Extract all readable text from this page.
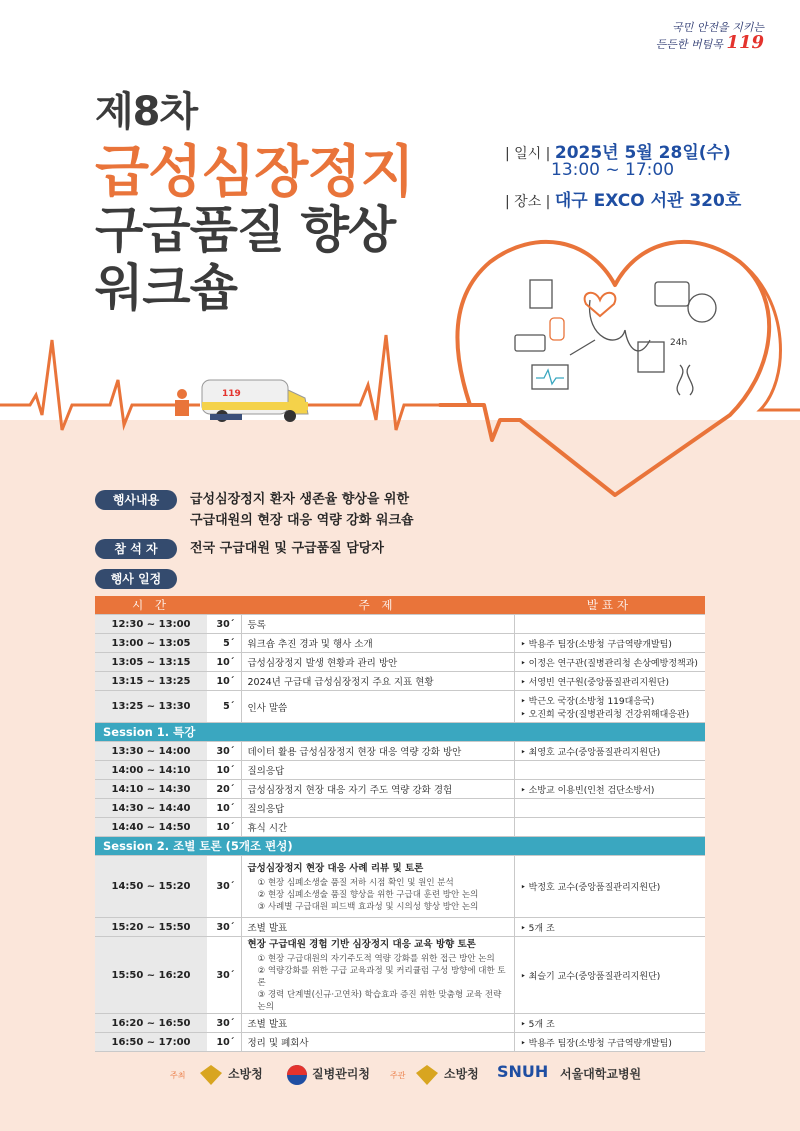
24h
국민 안전을 지키는
든든한 버팀목 119
제8차
급성심장정지
구급품질 향상
워크숍
| 일시 | 2025년 5월 28일(수)
13:00 ~ 17:00
| 장소 | 대구 EXCO 서관 320호
119
행사내용	급성심장정지 환자 생존율 향상을 위한
구급대원의 현장 대응 역량 강화 워크숍
참 석 자	전국 구급대원 및 구급품질 담당자
행사 일정
시 간		주 제	발표자
12:30 ~ 13:00	30´	등록	
13:00 ~ 13:05	5´	워크숍 추진 경과 및 행사 소개	‣ 박용주 팀장(소방청 구급역량개발팀)
13:05 ~ 13:15	10´	급성심장정지 발생 현황과 관리 방안	‣ 이정은 연구관(질병관리청 손상예방정책과)
13:15 ~ 13:25	10´	2024년 구급대 급성심장정지 주요 지표 현황	‣ 서영빈 연구원(중앙품질관리지원단)
13:25 ~ 13:30	5´	인사 말씀	‣ 박근오 국장(소방청 119대응국)
‣ 오진희 국장(질병관리청 건강위해대응관)

Session 1. 특강			
13:30 ~ 14:00	30´	데이터 활용 급성심장정지 현장 대응 역량 강화 방안	‣ 최영호 교수(중앙품질관리지원단)
14:00 ~ 14:10	10´	질의응답	
14:10 ~ 14:30	20´	급성심장정지 현장 대응 자기 주도 역량 강화 경험	‣ 소방교 이용빈(인천 검단소방서)
14:30 ~ 14:40	10´	질의응답	
14:40 ~ 14:50	10´	휴식 시간	
Session 2. 조별 토론 (5개조 편성)			
14:50 ~ 15:20	30´	급성심장정지 현장 대응 사례 리뷰 및 토론
① 현장 심폐소생술 품질 저하 시점 확인 및 원인 분석
② 현장 심폐소생술 품질 향상을 위한 구급대 훈련 방안 논의
③ 사례별 구급대원 피드백 효과성 및 시의성 향상 방안 논의	‣ 박정호 교수(중앙품질관리지원단)
15:20 ~ 15:50	30´	조별 발표	‣ 5개 조
15:50 ~ 16:20	30´	현장 구급대원 경험 기반 심장정지 대응 교육 방향 토론
① 현장 구급대원의 자기주도적 역량 강화를 위한 접근 방안 논의
② 역량강화를 위한 구급 교육과정 및 커리큘럼 구성 방향에 대한 토론
③ 경력 단계별(신규·고연차) 학습효과 증진 위한 맞춤형 교육 전략 논의	‣ 최슬기 교수(중앙품질관리지원단)
16:20 ~ 16:50	30´	조별 발표	‣ 5개 조
16:50 ~ 17:00	10´	정리 및 폐회사	‣ 박용주 팀장(소방청 구급역량개발팀)
주최	소방청	질병관리청	주관	소방청 SNUH 서울대학교병원
